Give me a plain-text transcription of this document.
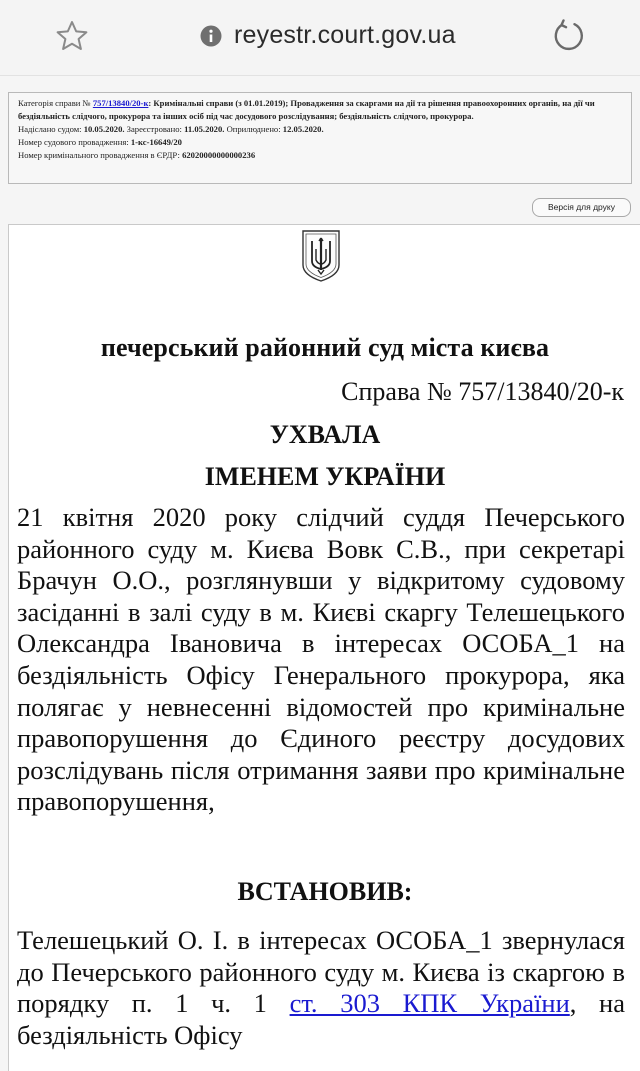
reyestr.court.gov.ua
Категорія справи № 757/13840/20-к: Кримінальні справи (з 01.01.2019); Провадження за скаргами на дії та рішення правоохоронних органів, на дії чи бездіяльність слідчого, прокурора та інших осіб під час досудового розслідування; бездіяльність слідчого, прокурора.
Надіслано судом: 10.05.2020. Зареєстровано: 11.05.2020. Оприлюднено: 12.05.2020.
Номер судового провадження: 1-кс-16649/20
Номер кримінального провадження в ЄРДР: 62020000000000236
Версія для друку
печерський районний суд міста києва
Справа № 757/13840/20-к
УХВАЛА
ІМЕНЕМ УКРАЇНИ
21 квітня 2020 року слідчий суддя Печерського районного суду м. Києва Вовк С.В., при секретарі Брачун О.О., розглянувши у відкритому судовому засіданні в залі суду в м. Києві скаргу Телешецького Олександра Івановича в інтересах ОСОБА_1 на бездіяльність Офісу Генерального прокурора, яка полягає у невнесенні відомостей про кримінальне правопорушення до Єдиного реєстру досудових розслідувань після отримання заяви про кримінальне правопорушення,
ВСТАНОВИВ:
Телешецький О. І. в інтересах ОСОБА_1 звернулася до Печерського районного суду м. Києва із скаргою в порядку п. 1 ч. 1 ст. 303 КПК України, на бездіяльність Офісу
